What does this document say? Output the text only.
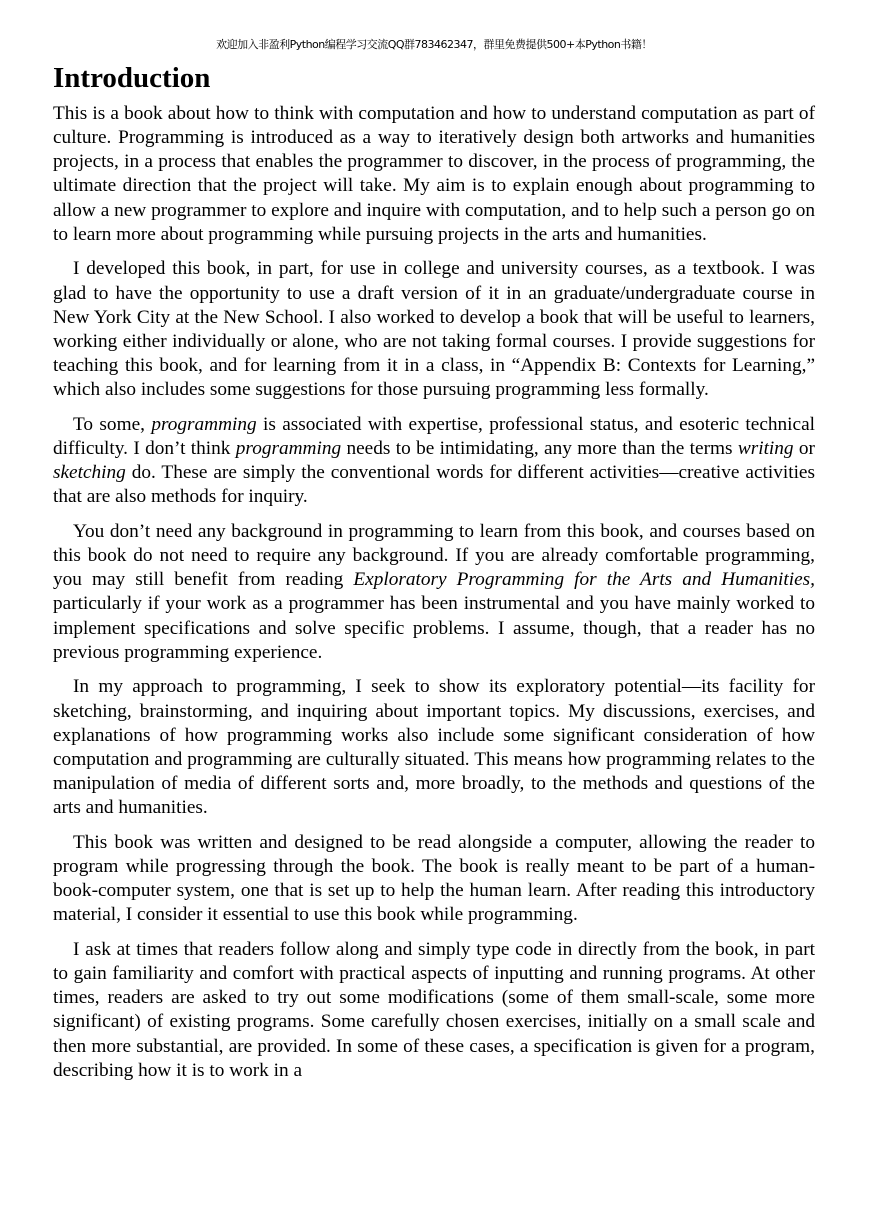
欢迎加入非盈利Python编程学习交流QQ群783462347，群里免费提供500+本Python书籍！
Introduction

This is a book about how to think with computation and how to understand computation as part of culture. Programming is introduced as a way to iteratively design both artworks and humanities projects, in a process that enables the programmer to discover, in the process of programming, the ultimate direction that the project will take. My aim is to explain enough about programming to allow a new programmer to explore and inquire with computation, and to help such a person go on to learn more about programming while pursuing projects in the arts and humanities.

I developed this book, in part, for use in college and university courses, as a textbook. I was glad to have the opportunity to use a draft version of it in an graduate/undergraduate course in New York City at the New School. I also worked to develop a book that will be useful to learners, working either individually or alone, who are not taking formal courses. I provide suggestions for teaching this book, and for learning from it in a class, in “Appendix B: Contexts for Learning,” which also includes some suggestions for those pursuing programming less formally.

To some, programming is associated with expertise, professional status, and esoteric technical difficulty. I don’t think programming needs to be intimidating, any more than the terms writing or sketching do. These are simply the conventional words for different activities—creative activities that are also methods for inquiry.

You don’t need any background in programming to learn from this book, and courses based on this book do not need to require any background. If you are already comfortable programming, you may still benefit from reading Exploratory Programming for the Arts and Humanities, particularly if your work as a programmer has been instrumental and you have mainly worked to implement specifications and solve specific problems. I assume, though, that a reader has no previous programming experience.

In my approach to programming, I seek to show its exploratory potential—its facility for sketching, brainstorming, and inquiring about important topics. My discussions, exercises, and explanations of how programming works also include some significant consideration of how computation and programming are culturally situated. This means how programming relates to the manipulation of media of different sorts and, more broadly, to the methods and questions of the arts and humanities.

This book was written and designed to be read alongside a computer, allowing the reader to program while progressing through the book. The book is really meant to be part of a human-book-computer system, one that is set up to help the human learn. After reading this introductory material, I consider it essential to use this book while programming.

I ask at times that readers follow along and simply type code in directly from the book, in part to gain familiarity and comfort with practical aspects of inputting and running programs. At other times, readers are asked to try out some modifications (some of them small-scale, some more significant) of existing programs. Some carefully chosen exercises, initially on a small scale and then more substantial, are provided. In some of these cases, a specification is given for a program, describing how it is to work in a
